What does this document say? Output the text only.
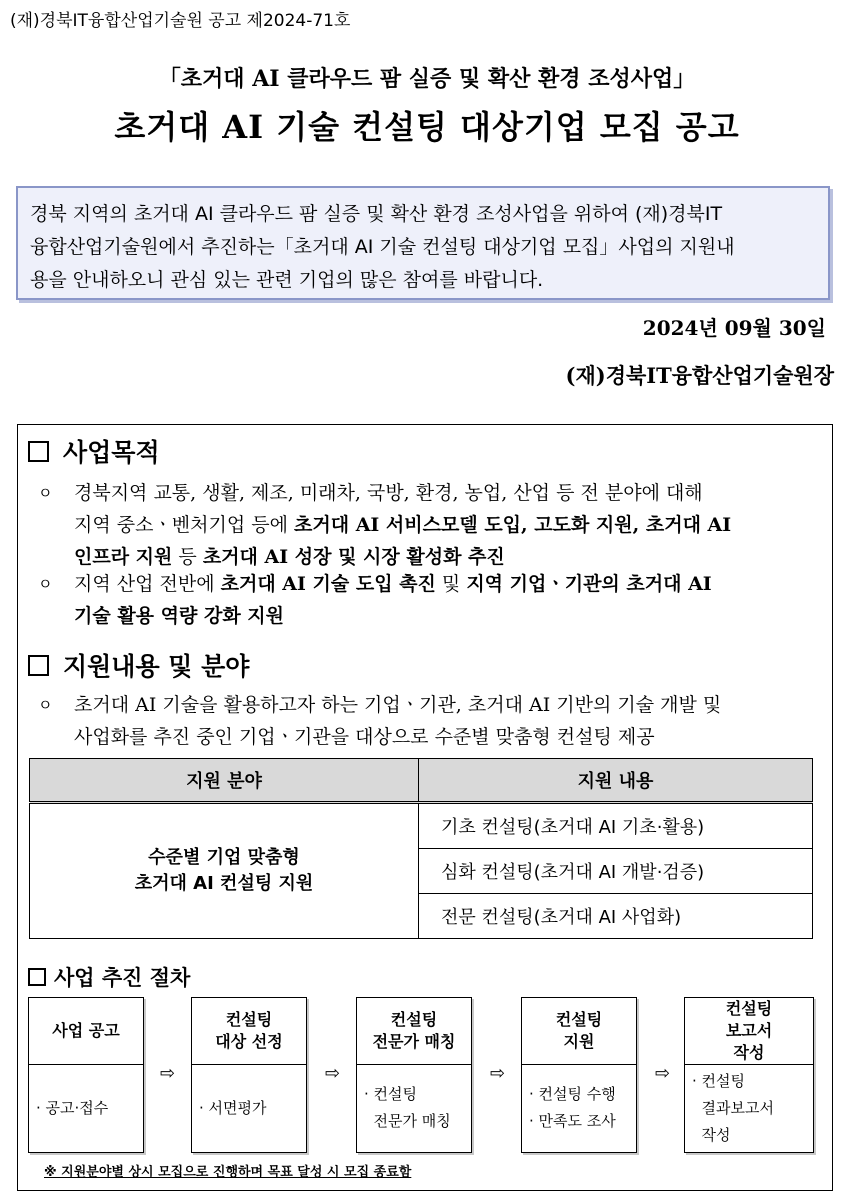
(재)경북IT융합산업기술원 공고 제2024-71호
「초거대 AI 클라우드 팜 실증 및 확산 환경 조성사업」
초거대 AI 기술 컨설팅 대상기업 모집 공고
경북 지역의 초거대 AI 클라우드 팜 실증 및 확산 환경 조성사업을 위하여 (재)경북IT
융합산업기술원에서 추진하는「초거대 AI 기술 컨설팅 대상기업 모집」사업의 지원내
용을 안내하오니 관심 있는 관련 기업의 많은 참여를 바랍니다.
2024년 09월 30일
(재)경북IT융합산업기술원장
사업목적
ㅇ 경북지역 교통, 생활, 제조, 미래차, 국방, 환경, 농업, 산업 등 전 분야에 대해
지역 중소ㆍ벤처기업 등에 초거대 AI 서비스모델 도입, 고도화 지원, 초거대 AI
인프라 지원 등 초거대 AI 성장 및 시장 활성화 추진
ㅇ 지역 산업 전반에 초거대 AI 기술 도입 촉진 및 지역 기업ㆍ기관의 초거대 AI
기술 활용 역량 강화 지원
지원내용 및 분야
ㅇ 초거대 AI 기술을 활용하고자 하는 기업ㆍ기관, 초거대 AI 기반의 기술 개발 및
사업화를 추진 중인 기업ㆍ기관을 대상으로 수준별 맞춤형 컨설팅 제공
지원 분야	지원 내용
수준별 기업 맞춤형
초거대 AI 컨설팅 지원	기초 컨설팅(초거대 AI 기초·활용)
	심화 컨설팅(초거대 AI 개발·검증)
	전문 컨설팅(초거대 AI 사업화)
사업 추진 절차
사업 공고
· 공고·접수
⇨
컨설팅
대상 선정
· 서면평가
⇨
컨설팅
전문가 매칭
· 컨설팅
전문가 매칭
⇨
컨설팅
지원
· 컨설팅 수행
· 만족도 조사
⇨
컨설팅
보고서
작성
· 컨설팅
결과보고서
작성
※ 지원분야별 상시 모집으로 진행하며 목표 달성 시 모집 종료함
